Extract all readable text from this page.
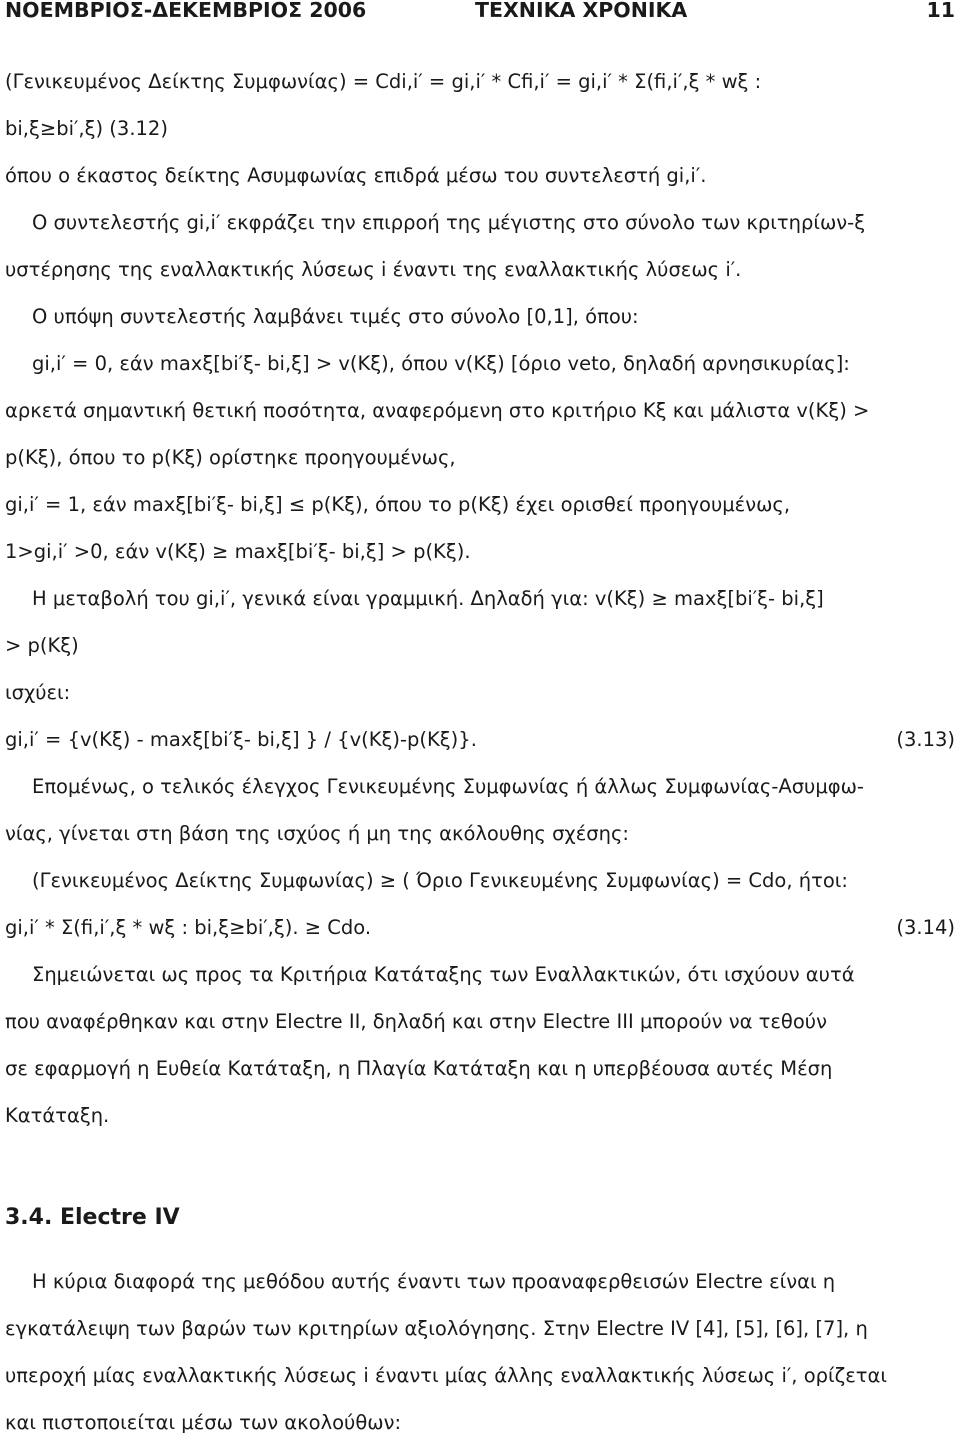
ΝΟΕΜΒΡΙΟΣ-ΔΕΚΕΜΒΡΙΟΣ 2006	ΤΕΧΝΙΚΑ ΧΡΟΝΙΚΑ	11
(Γενικευμένος Δείκτης Συμφωνίας) = Cdi,i′ = gi,i′ * Cfi,i′ = gi,i′ * Σ(fi,i′,ξ * wξ :
bi,ξ≥bi′,ξ) (3.12)
όπου ο έκαστος δείκτης Ασυμφωνίας επιδρά μέσω του συντελεστή gi,i′.
Ο συντελεστής gi,i′ εκφράζει την επιρροή της μέγιστης στο σύνολο των κριτηρίων-ξ
υστέρησης της εναλλακτικής λύσεως i έναντι της εναλλακτικής λύσεως i′.
Ο υπόψη συντελεστής λαμβάνει τιμές στο σύνολο [0,1], όπου:
gi,i′ = 0, εάν maxξ[bi′ξ- bi,ξ] > v(Κξ), όπου v(Κξ) [όριο veto, δηλαδή αρνησικυρίας]:
αρκετά σημαντική θετική ποσότητα, αναφερόμενη στο κριτήριο Κξ και μάλιστα v(Κξ) >
p(Κξ), όπου το p(Κξ) ορίστηκε προηγουμένως,
gi,i′ = 1, εάν maxξ[bi′ξ- bi,ξ] ≤ p(Κξ), όπου το p(Κξ) έχει ορισθεί προηγουμένως,
1>gi,i′ >0, εάν v(Κξ) ≥ maxξ[bi′ξ- bi,ξ] > p(Κξ).
Η μεταβολή του gi,i′, γενικά είναι γραμμική. Δηλαδή για: v(Κξ) ≥ maxξ[bi′ξ- bi,ξ]
> p(Κξ)
ισχύει:
gi,i′ = {v(Κξ) - maxξ[bi′ξ- bi,ξ] } / {v(Κξ)-p(Κξ)}.	(3.13)
Επομένως, ο τελικός έλεγχος Γενικευμένης Συμφωνίας ή άλλως Συμφωνίας-Ασυμφω-
νίας, γίνεται στη βάση της ισχύος ή μη της ακόλουθης σχέσης:
(Γενικευμένος Δείκτης Συμφωνίας) ≥ ( Όριο Γενικευμένης Συμφωνίας) = Cdo, ήτοι:
gi,i′ * Σ(fi,i′,ξ * wξ : bi,ξ≥bi′,ξ). ≥ Cdo.	(3.14)
Σημειώνεται ως προς τα Κριτήρια Κατάταξης των Εναλλακτικών, ότι ισχύουν αυτά
που αναφέρθηκαν και στην Electre II, δηλαδή και στην Electre III μπορούν να τεθούν
σε εφαρμογή η Ευθεία Κατάταξη, η Πλαγία Κατάταξη και η υπερβέουσα αυτές Μέση
Κατάταξη.
3.4. Electre IV
Η κύρια διαφορά της μεθόδου αυτής έναντι των προαναφερθεισών Electre είναι η
εγκατάλειψη των βαρών των κριτηρίων αξιολόγησης. Στην Electre IV [4], [5], [6], [7], η
υπεροχή μίας εναλλακτικής λύσεως i έναντι μίας άλλης εναλλακτικής λύσεως i′, ορίζεται
και πιστοποιείται μέσω των ακολούθων:
